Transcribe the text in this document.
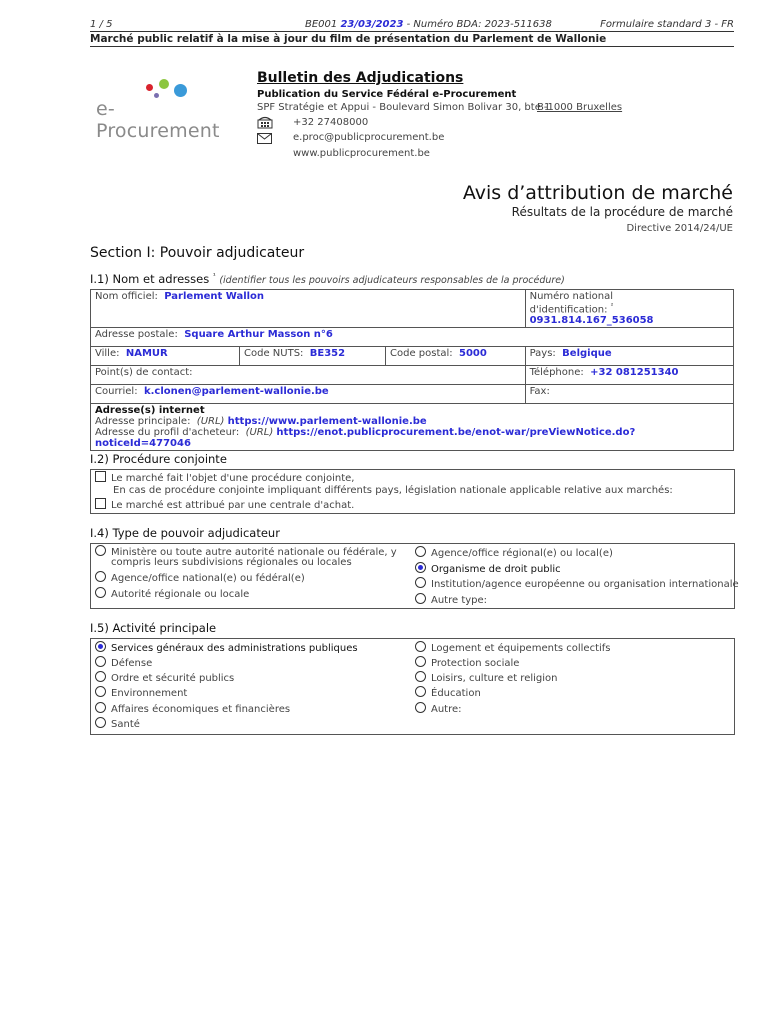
1 / 5	BE001 23/03/2023 - Numéro BDA: 2023-511638	Formulaire standard 3 - FR
Marché public relatif à la mise à jour du film de présentation du Parlement de Wallonie
e-Procurement
Bulletin des Adjudications
Publication du Service Fédéral e-Procurement
SPF Stratégie et Appui - Boulevard Simon Bolivar 30, bte 1
B-1000 Bruxelles
+32 27408000
e.proc@publicprocurement.be
www.publicprocurement.be
Avis d’attribution de marché
Résultats de la procédure de marché
Directive 2014/24/UE
Section I: Pouvoir adjudicateur
I.1) Nom et adresses $^{^1}$ (identifier tous les pouvoirs adjudicateurs responsables de la procédure)
Nom officiel: Parlement Wallon			Numéro national
d'identification: $^{^2}$ 0931.814.167_536058

Adresse postale: Square Arthur Masson n°6			
Ville: NAMUR	Code NUTS: BE352	Code postal: 5000	Pays: Belgique
Point(s) de contact:			Téléphone: +32 081251340
Courriel: k.clonen@parlement-wallonie.be			Fax:

Adresse(s) internet
Adresse principale: (URL) https://www.parlement-wallonie.be
Adresse du profil d'acheteur: (URL) https://enot.publicprocurement.be/enot-war/preViewNotice.do?noticeId=477046			
I.2) Procédure conjointe
Le marché fait l'objet d'une procédure conjointe,
En cas de procédure conjointe impliquant différents pays, législation nationale applicable relative aux marchés:
Le marché est attribué par une centrale d'achat.
I.4) Type de pouvoir adjudicateur
Ministère ou toute autre autorité nationale ou fédérale, y
compris leurs subdivisions régionales ou locales
Agence/office national(e) ou fédéral(e)
Autorité régionale ou locale
Agence/office régional(e) ou local(e)
Organisme de droit public
Institution/agence européenne ou organisation internationale
Autre type:
I.5) Activité principale
Services généraux des administrations publiques
Défense
Ordre et sécurité publics
Environnement
Affaires économiques et financières
Santé
Logement et équipements collectifs
Protection sociale
Loisirs, culture et religion
Éducation
Autre:
